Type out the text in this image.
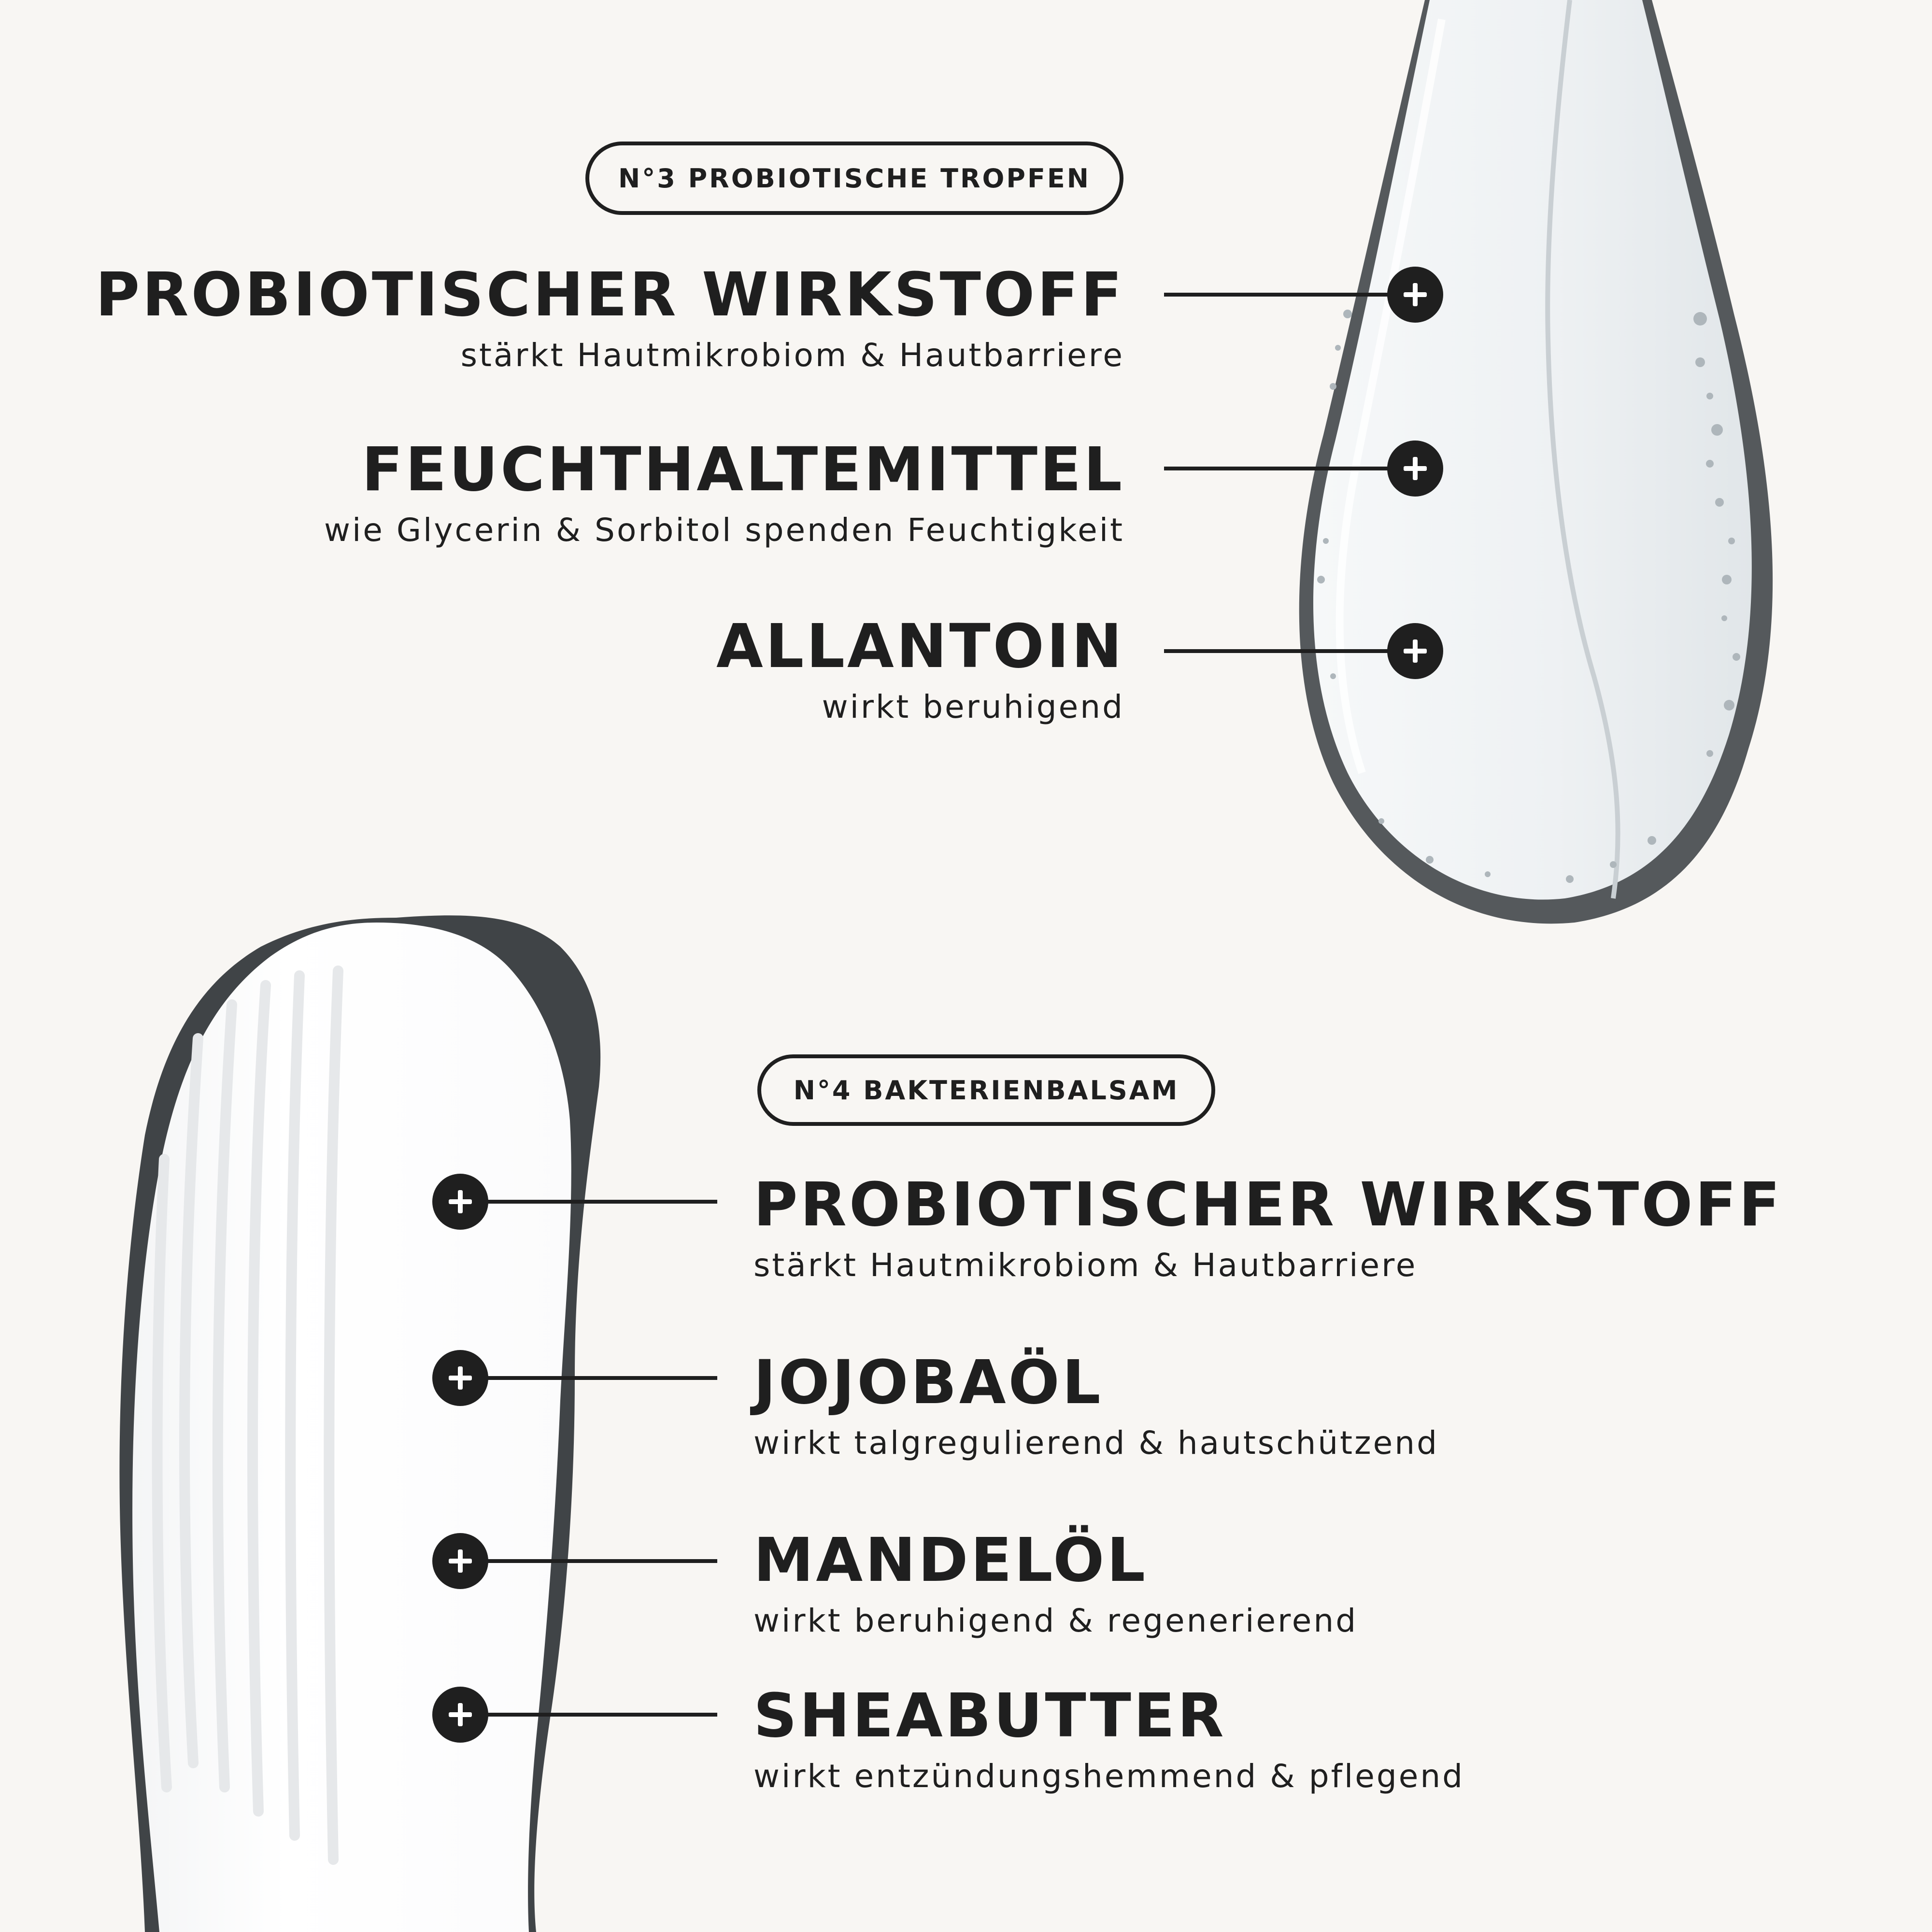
N°3 PROBIOTISCHE TROPFEN
PROBIOTISCHER WIRKSTOFF
stärkt Hautmikrobiom & Hautbarriere
FEUCHTHALTEMITTEL
wie Glycerin & Sorbitol spenden Feuchtigkeit
ALLANTOIN
wirkt beruhigend
N°4 BAKTERIENBALSAM
PROBIOTISCHER WIRKSTOFF
stärkt Hautmikrobiom & Hautbarriere
JOJOBAÖL
wirkt talgregulierend & hautschützend
MANDELÖL
wirkt beruhigend & regenerierend
SHEABUTTER
wirkt entzündungshemmend & pflegend
